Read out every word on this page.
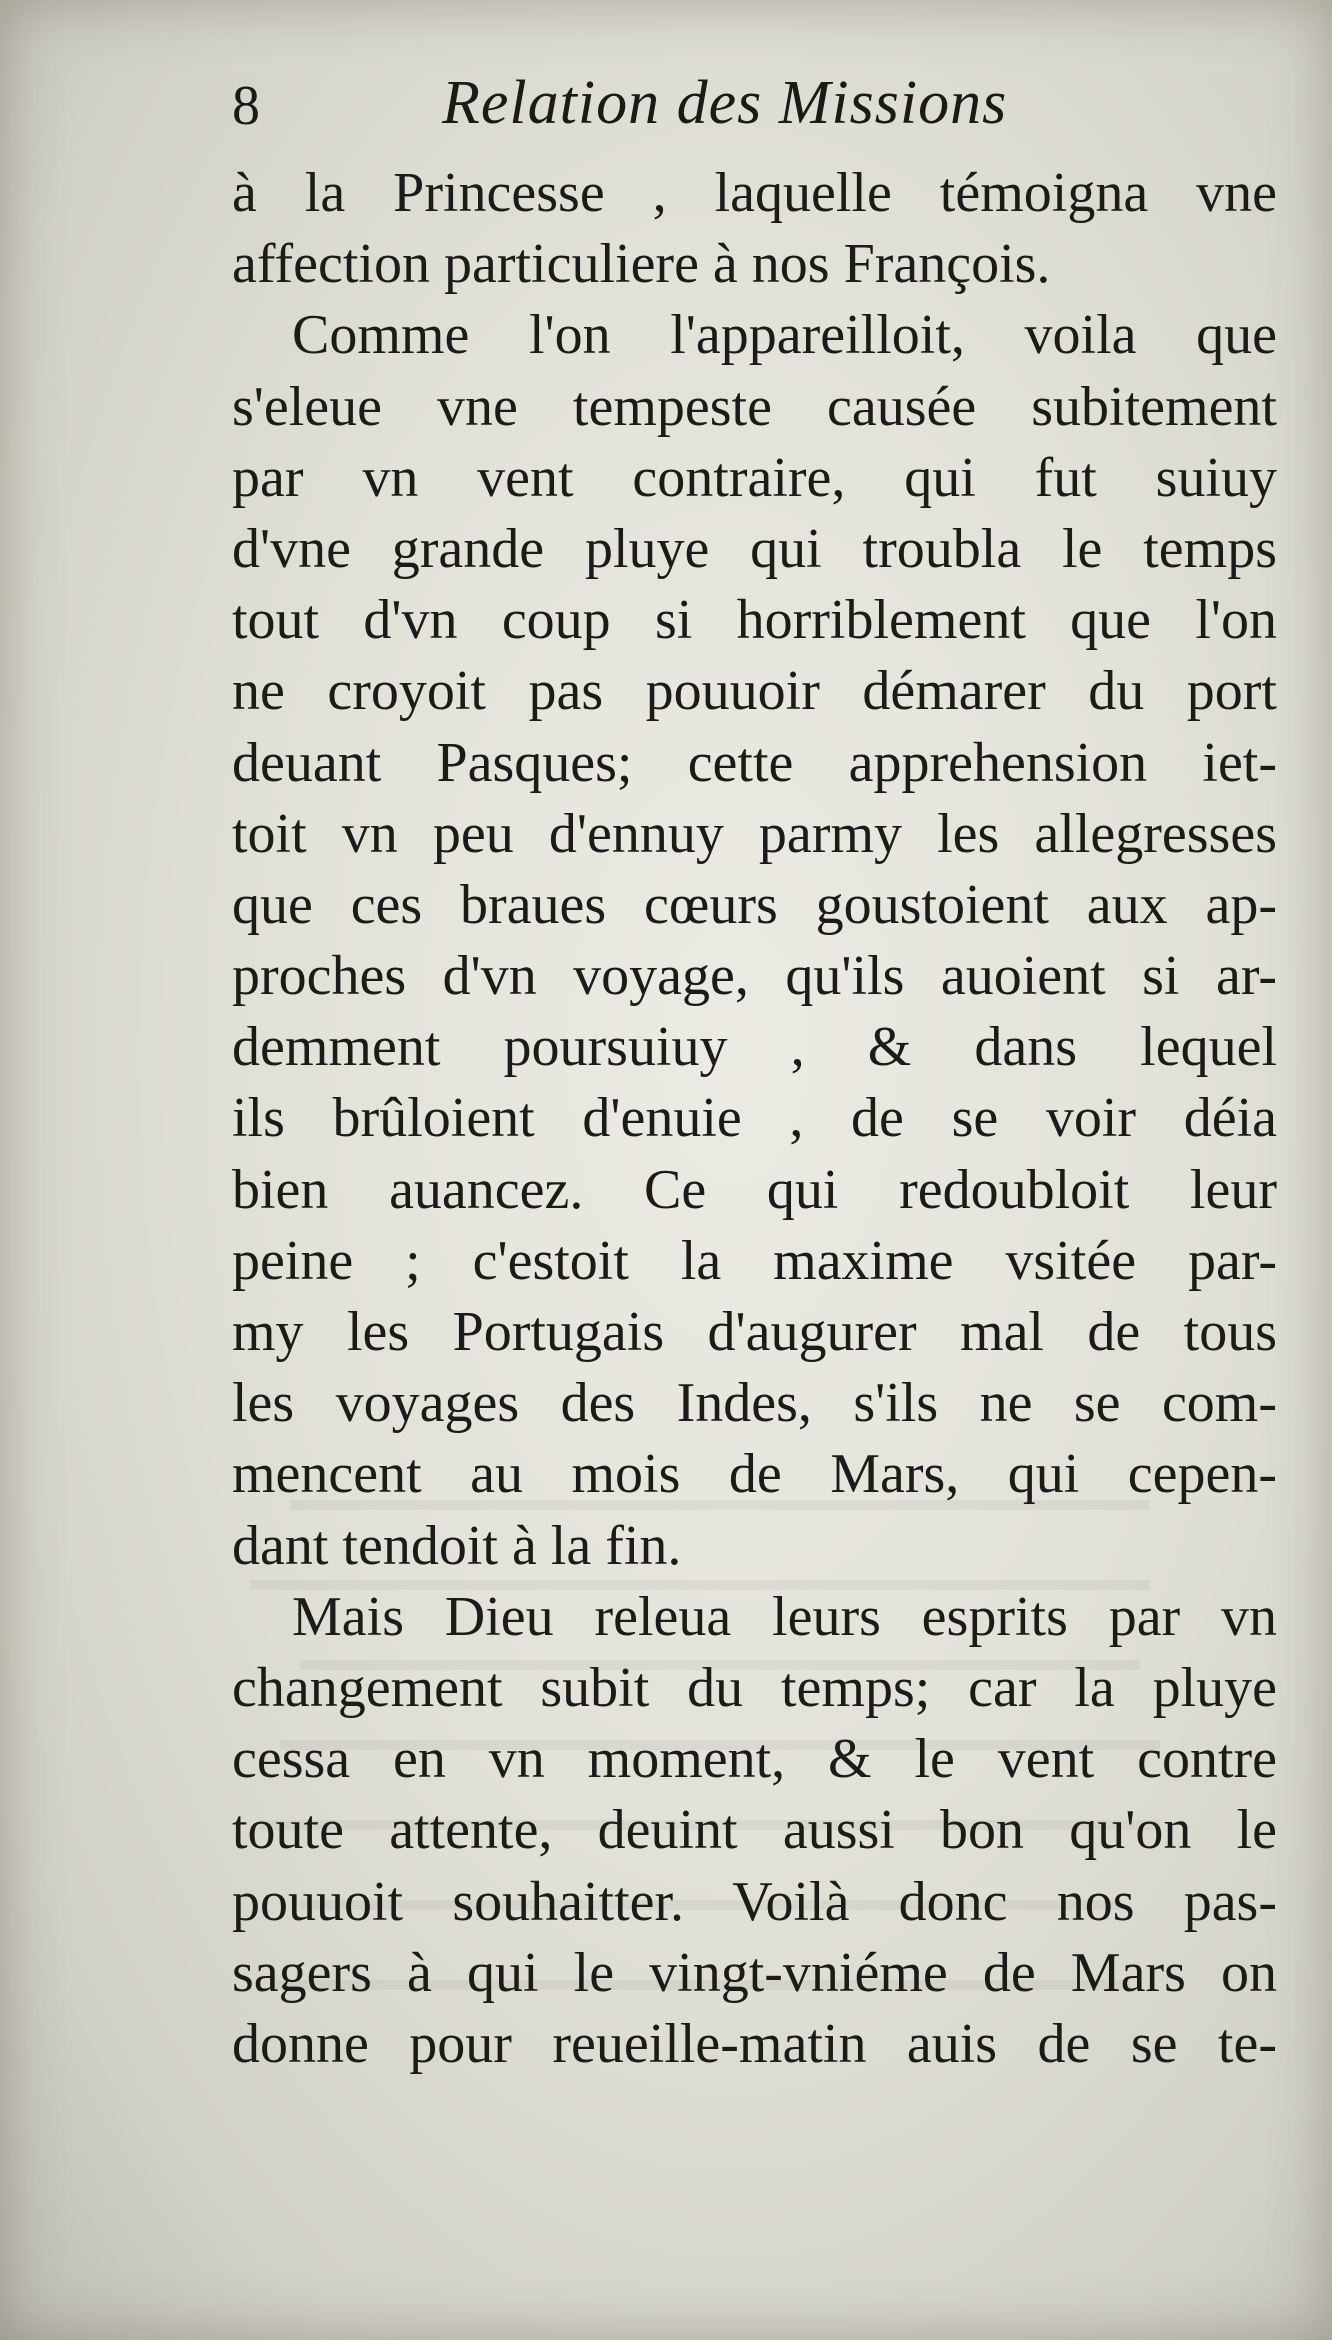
8	Relation des Missions
à la Princesse , laquelle témoigna vne
affection particuliere à nos François.
Comme l'on l'appareilloit, voila que
s'eleue vne tempeste causée subitement
par vn vent contraire, qui fut suiuy
d'vne grande pluye qui troubla le temps
tout d'vn coup si horriblement que l'on
ne croyoit pas pouuoir démarer du port
deuant Pasques; cette apprehension iet-
toit vn peu d'ennuy parmy les allegresses
que ces braues cœurs goustoient aux ap-
proches d'vn voyage, qu'ils auoient si ar-
demment poursuiuy , & dans lequel
ils brûloient d'enuie , de se voir déia
bien auancez. Ce qui redoubloit leur
peine ; c'estoit la maxime vsitée par-
my les Portugais d'augurer mal de tous
les voyages des Indes, s'ils ne se com-
mencent au mois de Mars, qui cepen-
dant tendoit à la fin.
Mais Dieu releua leurs esprits par vn
changement subit du temps; car la pluye
cessa en vn moment, & le vent contre
toute attente, deuint aussi bon qu'on le
pouuoit souhaitter. Voilà donc nos pas-
sagers à qui le vingt-vniéme de Mars on
donne pour reueille-matin auis de se te-
